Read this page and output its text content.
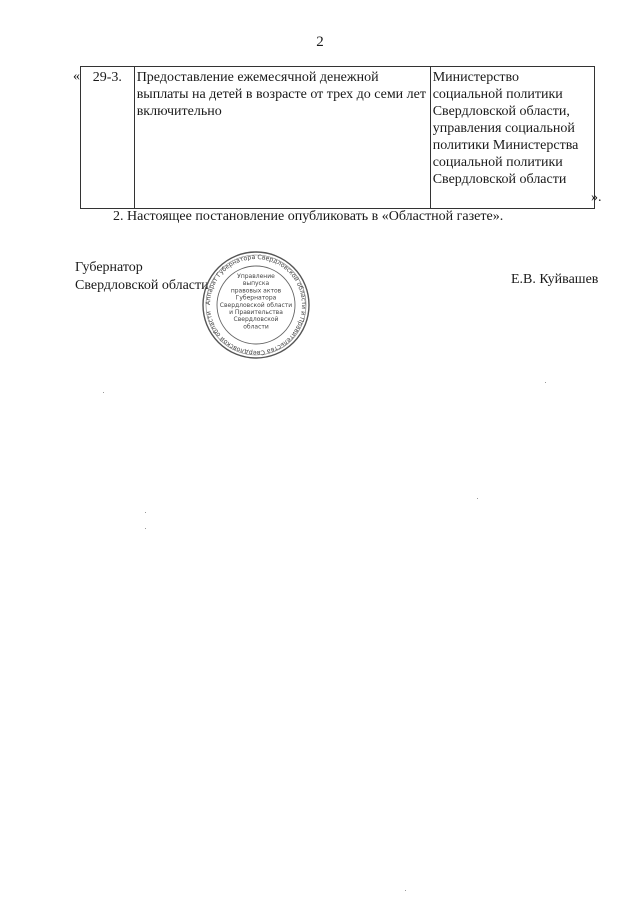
2
« 29-3.	Предоставление ежемесячной денежной выплаты на детей в возрасте от трех до семи лет включительно	Министерство социальной политики Свердловской области, управления социальной политики Министерства социальной политики Свердловской области
».
2. Настоящее постановление опубликовать в «Областной газете».
Губернатор
Свердловской области	Е.В. Куйвашев
Аппарат Губернатора Свердловской области и Правительства Свердловской области
Управление
выпуска
правовых актов
Губернатора
Свердловской области
и Правительства
Свердловской
области
